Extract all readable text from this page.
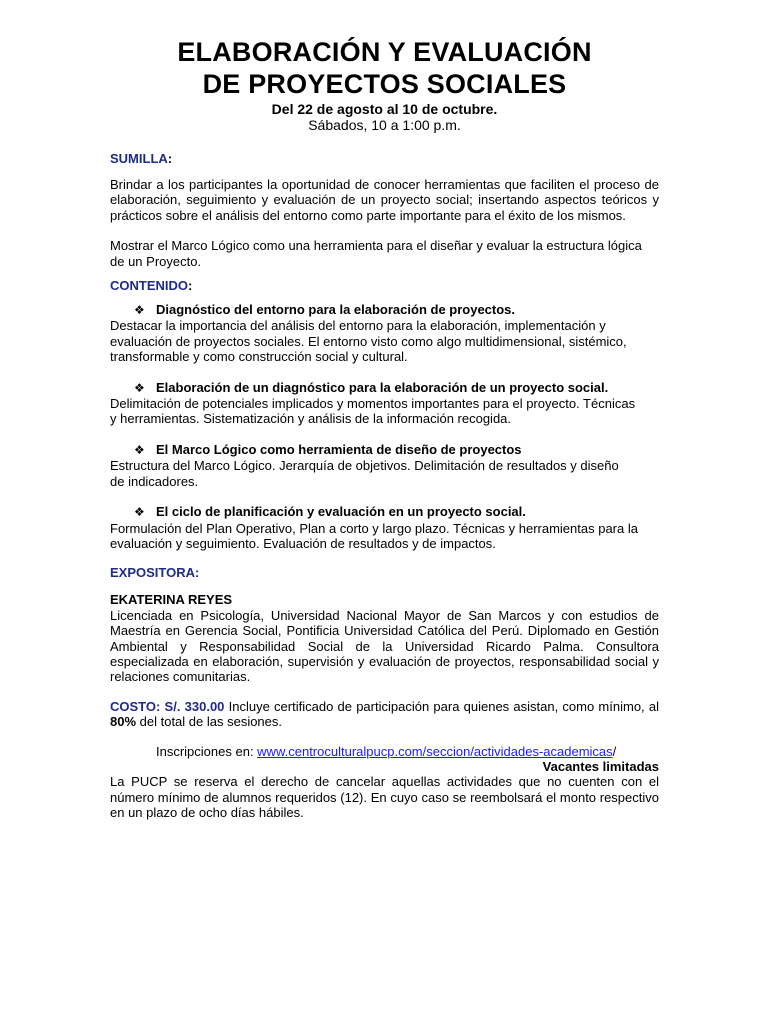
ELABORACIÓN Y EVALUACIÓN
DE PROYECTOS SOCIALES

Del 22 de agosto al 10 de octubre.

Sábados, 10 a 1:00 p.m.

SUMILLA:

Brindar a los participantes la oportunidad de conocer herramientas que faciliten el proceso de elaboración, seguimiento y evaluación de un proyecto social; insertando aspectos teóricos y prácticos sobre el análisis del entorno como parte importante para el éxito de los mismos.

Mostrar el Marco Lógico como una herramienta para el diseñar y evaluar la estructura lógica de un Proyecto.

CONTENIDO:

❖ Diagnóstico del entorno para la elaboración de proyectos.

Destacar la importancia del análisis del entorno para la elaboración, implementación y evaluación de proyectos sociales. El entorno visto como algo multidimensional, sistémico, transformable y como construcción social y cultural.

❖ Elaboración de un diagnóstico para la elaboración de un proyecto social.

Delimitación de potenciales implicados y momentos importantes para el proyecto. Técnicas y herramientas. Sistematización y análisis de la información recogida.

❖ El Marco Lógico como herramienta de diseño de proyectos

Estructura del Marco Lógico. Jerarquía de objetivos. Delimitación de resultados y diseño de indicadores.

❖ El ciclo de planificación y evaluación en un proyecto social.

Formulación del Plan Operativo, Plan a corto y largo plazo. Técnicas y herramientas para la evaluación y seguimiento. Evaluación de resultados y de impactos.

EXPOSITORA:

EKATERINA REYES

Licenciada en Psicología, Universidad Nacional Mayor de San Marcos y con estudios de Maestría en Gerencia Social, Pontificia Universidad Católica del Perú. Diplomado en Gestión Ambiental y Responsabilidad Social de la Universidad Ricardo Palma. Consultora especializada en elaboración, supervisión y evaluación de proyectos, responsabilidad social y relaciones comunitarias.

COSTO: S/. 330.00 Incluye certificado de participación para quienes asistan, como mínimo, al 80% del total de las sesiones.

Inscripciones en: www.centroculturalpucp.com/seccion/actividades-academicas/

Vacantes limitadas

La PUCP se reserva el derecho de cancelar aquellas actividades que no cuenten con el número mínimo de alumnos requeridos (12). En cuyo caso se reembolsará el monto respectivo en un plazo de ocho días hábiles.
